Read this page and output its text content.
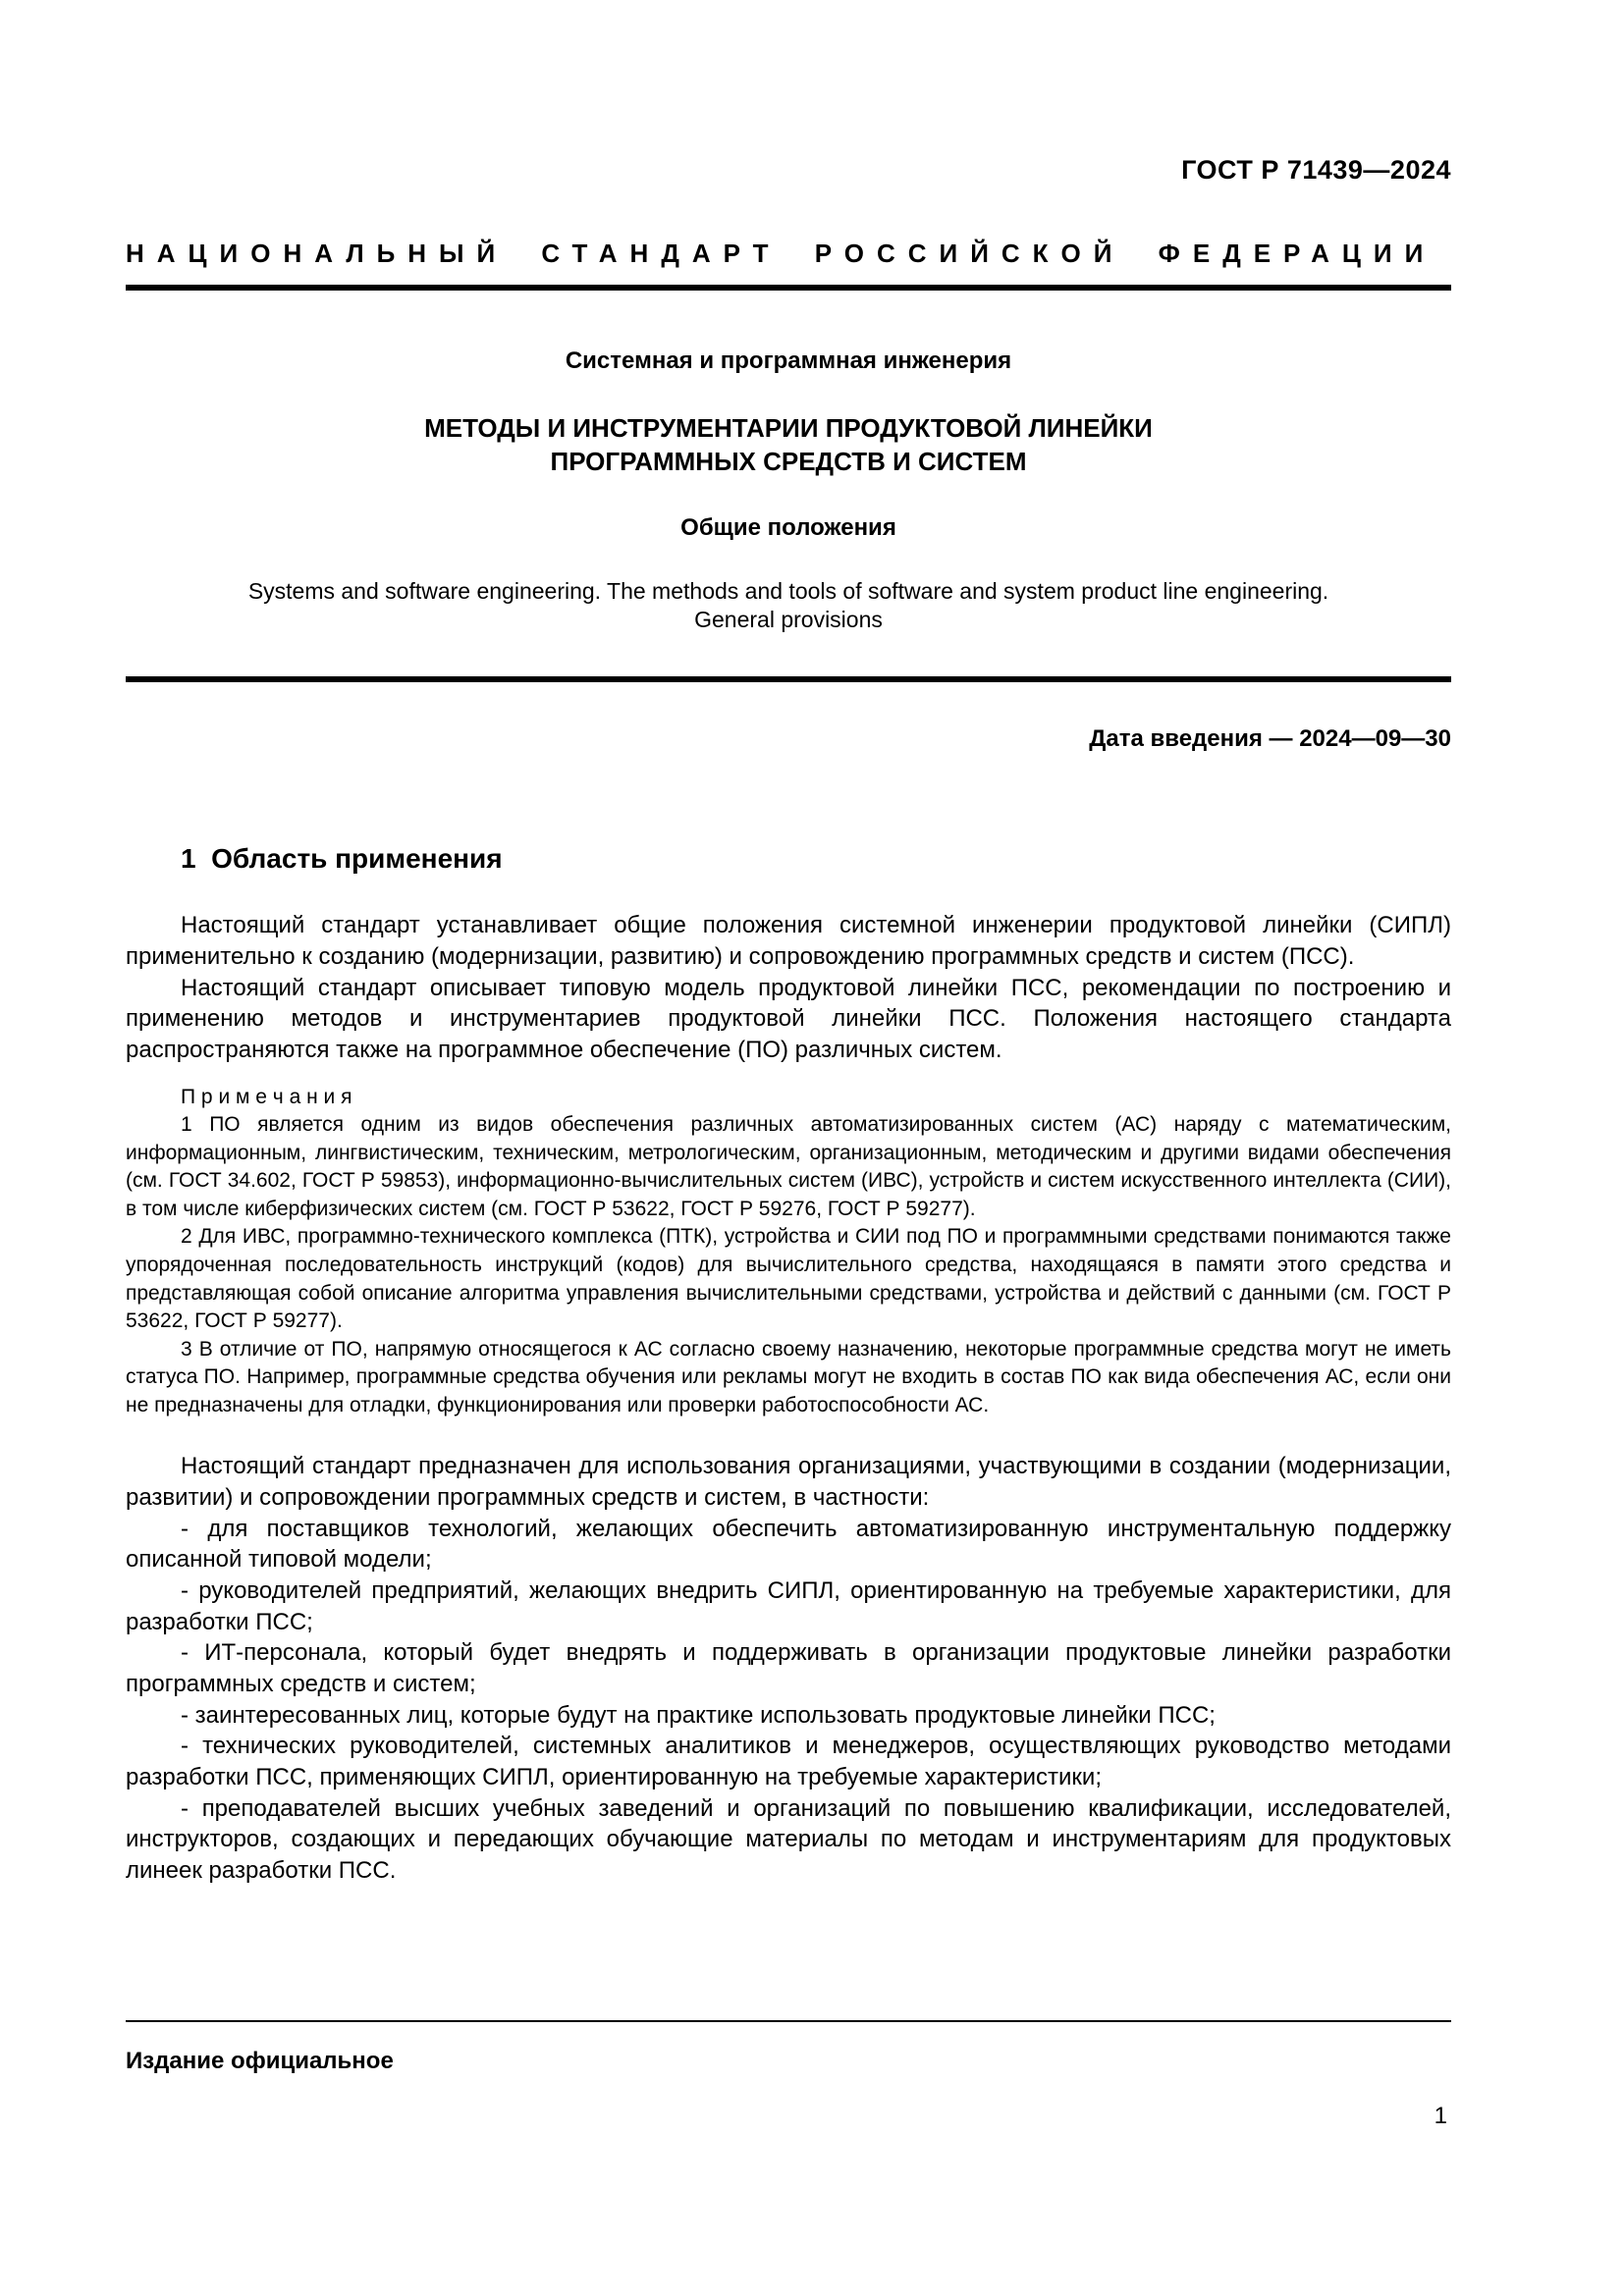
ГОСТ Р 71439—2024
НАЦИОНАЛЬНЫЙ СТАНДАРТ РОССИЙСКОЙ ФЕДЕРАЦИИ
Системная и программная инженерия
МЕТОДЫ И ИНСТРУМЕНТАРИИ ПРОДУКТОВОЙ ЛИНЕЙКИ
ПРОГРАММНЫХ СРЕДСТВ И СИСТЕМ
Общие положения
Systems and software engineering. The methods and tools of software and system product line engineering.
General provisions
Дата введения — 2024—09—30
1  Область применения

Настоящий стандарт устанавливает общие положения системной инженерии продуктовой линейки (СИПЛ) применительно к созданию (модернизации, развитию) и сопровождению программных средств и систем (ПСС).

Настоящий стандарт описывает типовую модель продуктовой линейки ПСС, рекомендации по построению и применению методов и инструментариев продуктовой линейки ПСС. Положения настоящего стандарта распространяются также на программное обеспечение (ПО) различных систем.

П р и м е ч а н и я

1 ПО является одним из видов обеспечения различных автоматизированных систем (АС) наряду с математическим, информационным, лингвистическим, техническим, метрологическим, организационным, методическим и другими видами обеспечения (см. ГОСТ 34.602, ГОСТ Р 59853), информационно-вычислительных систем (ИВС), устройств и систем искусственного интеллекта (СИИ), в том числе киберфизических систем (см. ГОСТ Р 53622, ГОСТ Р 59276, ГОСТ Р 59277).

2 Для ИВС, программно-технического комплекса (ПТК), устройства и СИИ под ПО и программными средствами понимаются также упорядоченная последовательность инструкций (кодов) для вычислительного средства, находящаяся в памяти этого средства и представляющая собой описание алгоритма управления вычислительными средствами, устройства и действий с данными (см. ГОСТ Р 53622, ГОСТ Р 59277).

3 В отличие от ПО, напрямую относящегося к АС согласно своему назначению, некоторые программные средства могут не иметь статуса ПО. Например, программные средства обучения или рекламы могут не входить в состав ПО как вида обеспечения АС, если они не предназначены для отладки, функционирования или проверки работоспособности АС.

Настоящий стандарт предназначен для использования организациями, участвующими в создании (модернизации, развитии) и сопровождении программных средств и систем, в частности:

- для поставщиков технологий, желающих обеспечить автоматизированную инструментальную поддержку описанной типовой модели;

- руководителей предприятий, желающих внедрить СИПЛ, ориентированную на требуемые характеристики, для разработки ПСС;

- ИТ-персонала, который будет внедрять и поддерживать в организации продуктовые линейки разработки программных средств и систем;

- заинтересованных лиц, которые будут на практике использовать продуктовые линейки ПСС;

- технических руководителей, системных аналитиков и менеджеров, осуществляющих руководство методами разработки ПСС, применяющих СИПЛ, ориентированную на требуемые характеристики;

- преподавателей высших учебных заведений и организаций по повышению квалификации, исследователей, инструкторов, создающих и передающих обучающие материалы по методам и инструментариям для продуктовых линеек разработки ПСС.

Издание официальное
1
